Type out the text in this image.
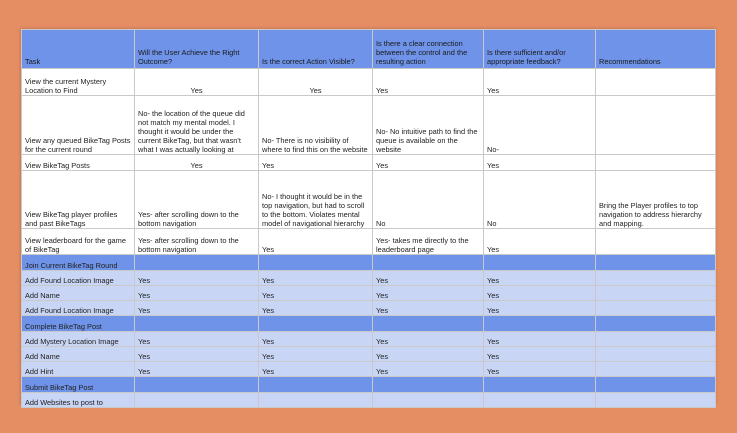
Task	Will the User Achieve the Right Outcome?	Is the correct Action Visible?	Is there a clear connection between the control and the resulting action	Is there sufficient and/or appropriate feedback?	Recommendations
View the current Mystery Location to Find	Yes	Yes	Yes	Yes	
View any queued BikeTag Posts for the current round	No- the location of the queue did not match my mental model. I thought it would be under the current BikeTag, but that wasn't what I was actually looking at	No- There is no visibility of where to find this on the website	No- No intuitive path to find the queue is available on the website	No-	
View BikeTag Posts	Yes	Yes	Yes	Yes	
View BikeTag player profiles and past BikeTags	Yes- after scrolling down to the bottom navigation	No- I thought it would be in the top navigation, but had to scroll to the bottom. Violates mental model of navigational hierarchy	No	No	Bring the Player profiles to top navigation to address hierarchy and mapping.
View leaderboard for the game of BikeTag	Yes- after scrolling down to the bottom navigation	Yes	Yes- takes me directly to the leaderboard page	Yes	
Join Current BikeTag Round					
Add Found Location Image	Yes	Yes	Yes	Yes	
Add Name	Yes	Yes	Yes	Yes	
Add Found Location Image	Yes	Yes	Yes	Yes	
Complete BikeTag Post					
Add Mystery Location Image	Yes	Yes	Yes	Yes	
Add Name	Yes	Yes	Yes	Yes	
Add Hint	Yes	Yes	Yes	Yes	
Submit BikeTag Post					
Add Websites to post to					
